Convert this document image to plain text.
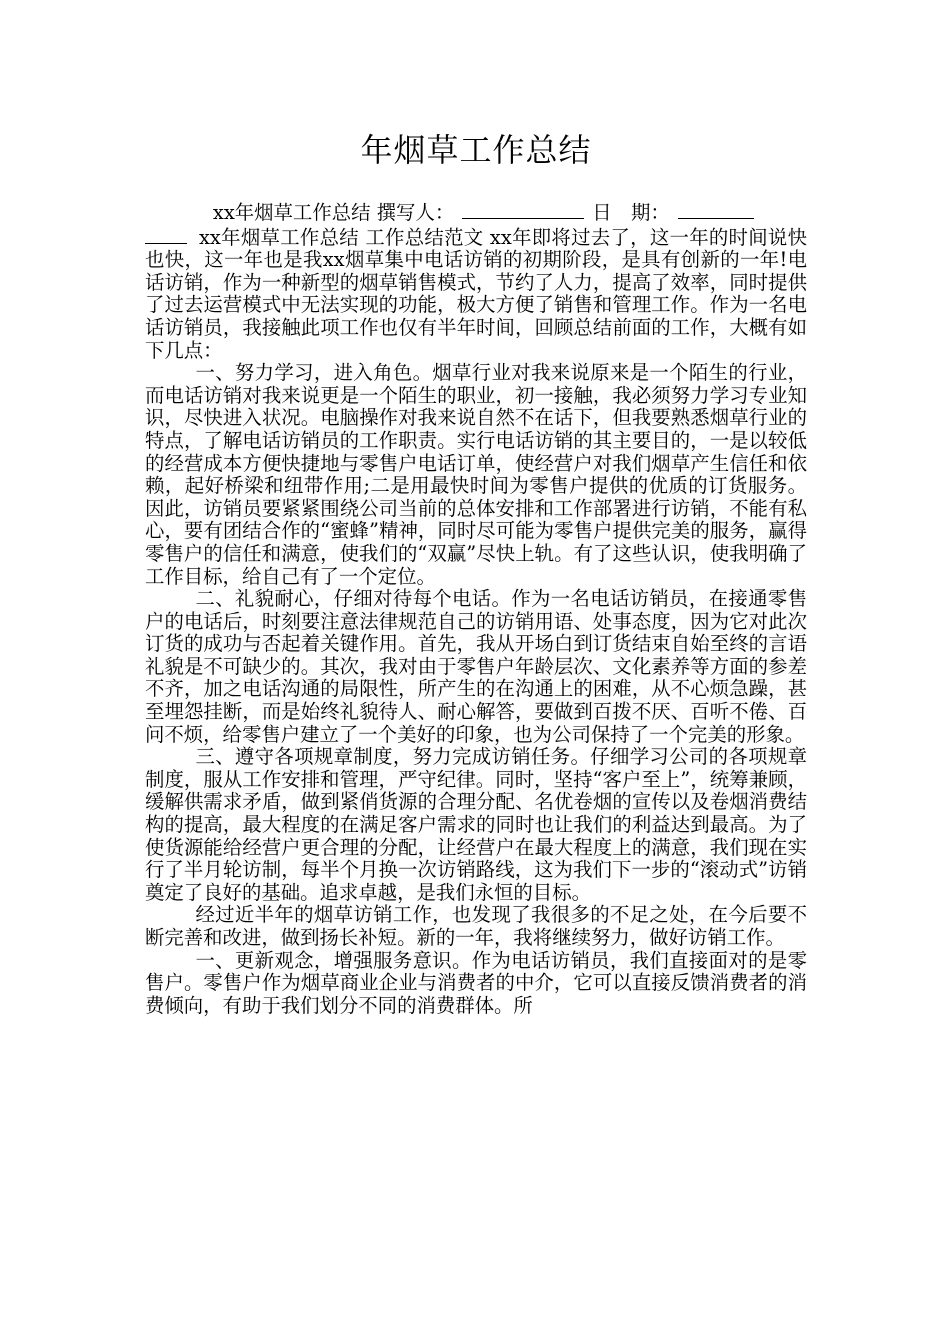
年烟草工作总结

xx年烟草工作总结 撰写人：	日　期：
xx年烟草工作总结 工作总结范文 xx年即将过去了，这一年的时间说快也快，这一年也是我xx烟草集中电话访销的初期阶段，是具有创新的一年!电话访销，作为一种新型的烟草销售模式，节约了人力，提高了效率，同时提供了过去运营模式中无法实现的功能，极大方便了销售和管理工作。作为一名电话访销员，我接触此项工作也仅有半年时间，回顾总结前面的工作，大概有如下几点：

一、努力学习，进入角色。烟草行业对我来说原来是一个陌生的行业，而电话访销对我来说更是一个陌生的职业，初一接触，我必须努力学习专业知识，尽快进入状况。电脑操作对我来说自然不在话下，但我要熟悉烟草行业的特点，了解电话访销员的工作职责。实行电话访销的其主要目的，一是以较低的经营成本方便快捷地与零售户电话订单，使经营户对我们烟草产生信任和依赖，起好桥梁和纽带作用;二是用最快时间为零售户提供的优质的订货服务。因此，访销员要紧紧围绕公司当前的总体安排和工作部署进行访销，不能有私心，要有团结合作的“蜜蜂”精神，同时尽可能为零售户提供完美的服务，赢得零售户的信任和满意，使我们的“双赢”尽快上轨。有了这些认识，使我明确了工作目标，给自己有了一个定位。

二、礼貌耐心，仔细对待每个电话。作为一名电话访销员，在接通零售户的电话后，时刻要注意法律规范自己的访销用语、处事态度，因为它对此次订货的成功与否起着关键作用。首先，我从开场白到订货结束自始至终的言语礼貌是不可缺少的。其次，我对由于零售户年龄层次、文化素养等方面的参差不齐，加之电话沟通的局限性，所产生的在沟通上的困难，从不心烦急躁，甚至埋怨挂断，而是始终礼貌待人、耐心解答，要做到百拨不厌、百听不倦、百问不烦，给零售户建立了一个美好的印象，也为公司保持了一个完美的形象。

三、遵守各项规章制度，努力完成访销任务。仔细学习公司的各项规章制度，服从工作安排和管理，严守纪律。同时，坚持“客户至上”，统筹兼顾，缓解供需求矛盾，做到紧俏货源的合理分配、名优卷烟的宣传以及卷烟消费结构的提高，最大程度的在满足客户需求的同时也让我们的利益达到最高。为了使货源能给经营户更合理的分配，让经营户在最大程度上的满意，我们现在实行了半月轮访制，每半个月换一次访销路线，这为我们下一步的“滚动式”访销奠定了良好的基础。追求卓越，是我们永恒的目标。

经过近半年的烟草访销工作，也发现了我很多的不足之处，在今后要不断完善和改进，做到扬长补短。新的一年，我将继续努力，做好访销工作。

一、更新观念，增强服务意识。作为电话访销员，我们直接面对的是零售户。零售户作为烟草商业企业与消费者的中介，它可以直接反馈消费者的消费倾向，有助于我们划分不同的消费群体。所
